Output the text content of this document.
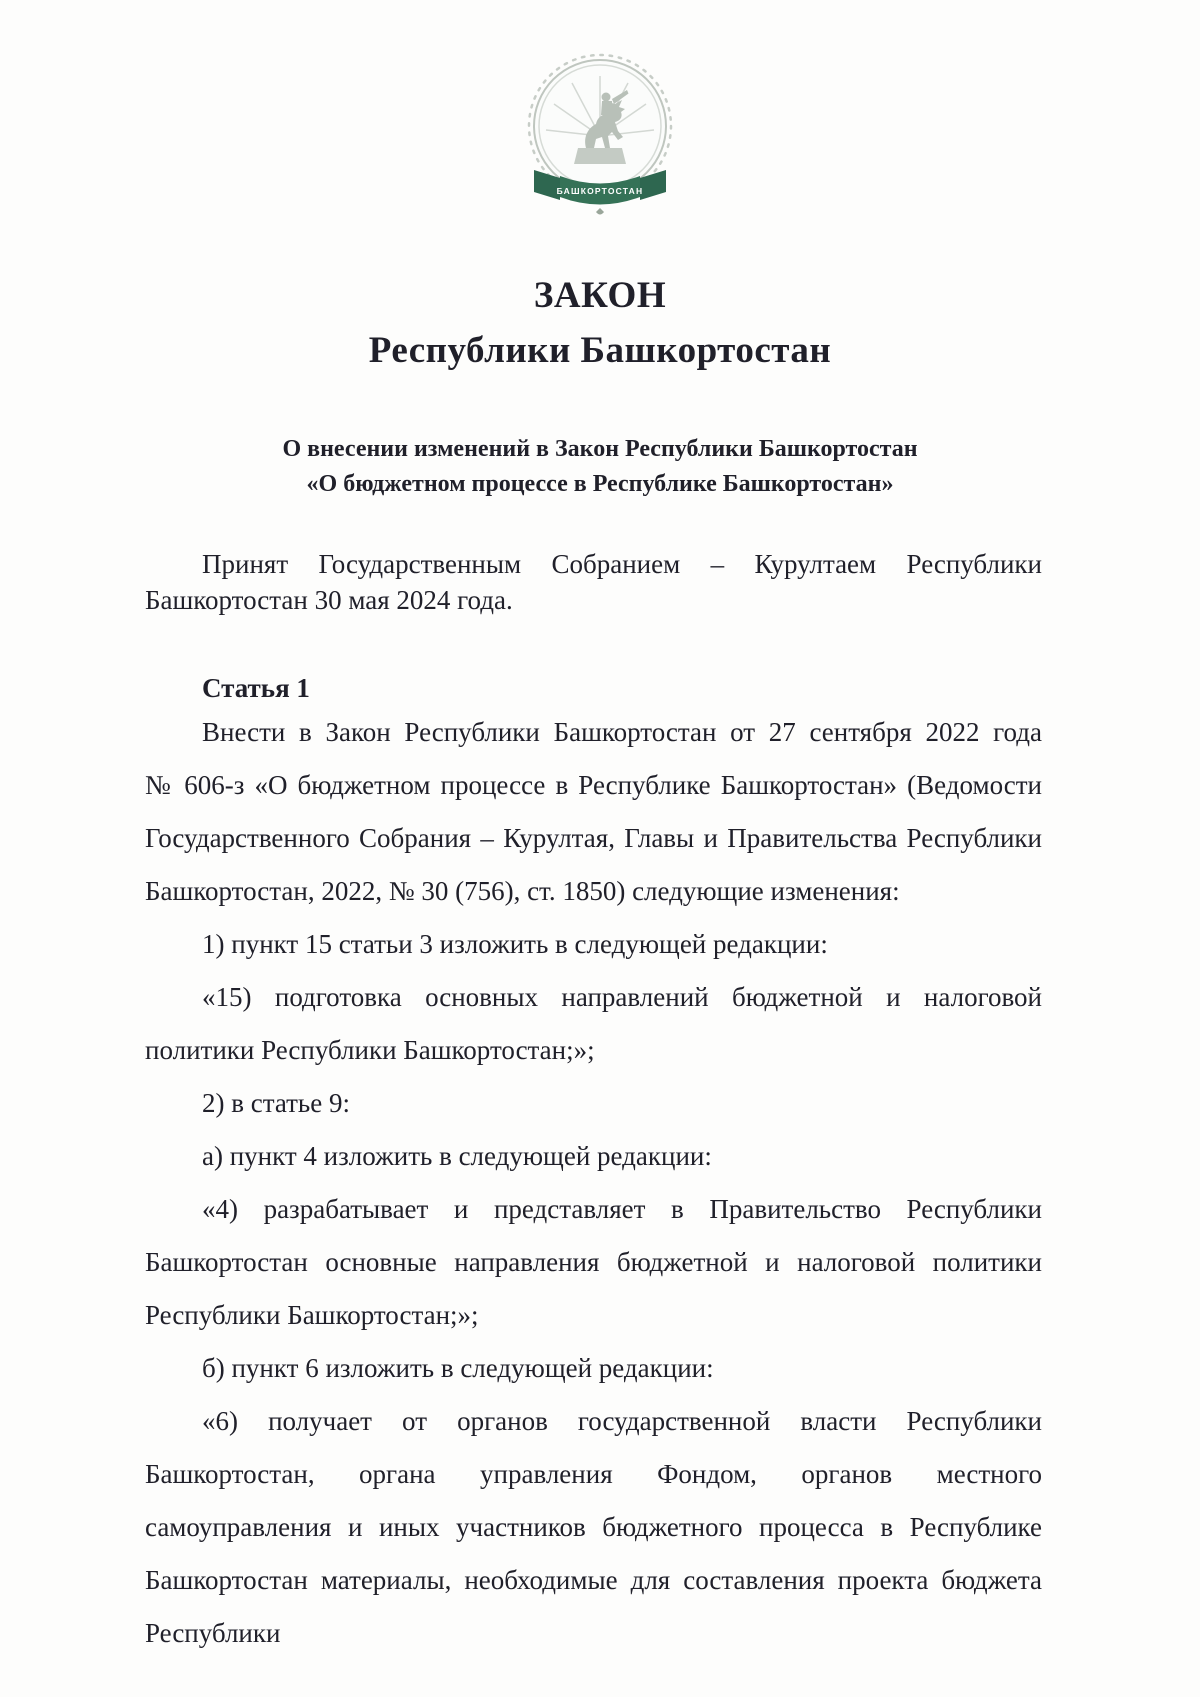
БАШКОРТОСТАН
ЗАКОН
Республики Башкортостан
О внесении изменений в Закон Республики Башкортостан
«О бюджетном процессе в Республике Башкортостан»

Принят Государственным Собранием – Курултаем Республики Башкортостан 30 мая 2024 года.

Статья 1

Внести в Закон Республики Башкортостан от 27 сентября 2022 года № 606-з «О бюджетном процессе в Республике Башкортостан» (Ведомости Государственного Собрания – Курултая, Главы и Правительства Республики Башкортостан, 2022, № 30 (756), ст. 1850) следующие изменения:

1) пункт 15 статьи 3 изложить в следующей редакции:

«15) подготовка основных направлений бюджетной и налоговой политики Республики Башкортостан;»;

2) в статье 9:

а) пункт 4 изложить в следующей редакции:

«4) разрабатывает и представляет в Правительство Республики Башкортостан основные направления бюджетной и налоговой политики Республики Башкортостан;»;

б) пункт 6 изложить в следующей редакции:

«6) получает от органов государственной власти Республики Башкортостан, органа управления Фондом, органов местного самоуправления и иных участников бюджетного процесса в Республике Башкортостан материалы, необходимые для составления проекта бюджета Республики
